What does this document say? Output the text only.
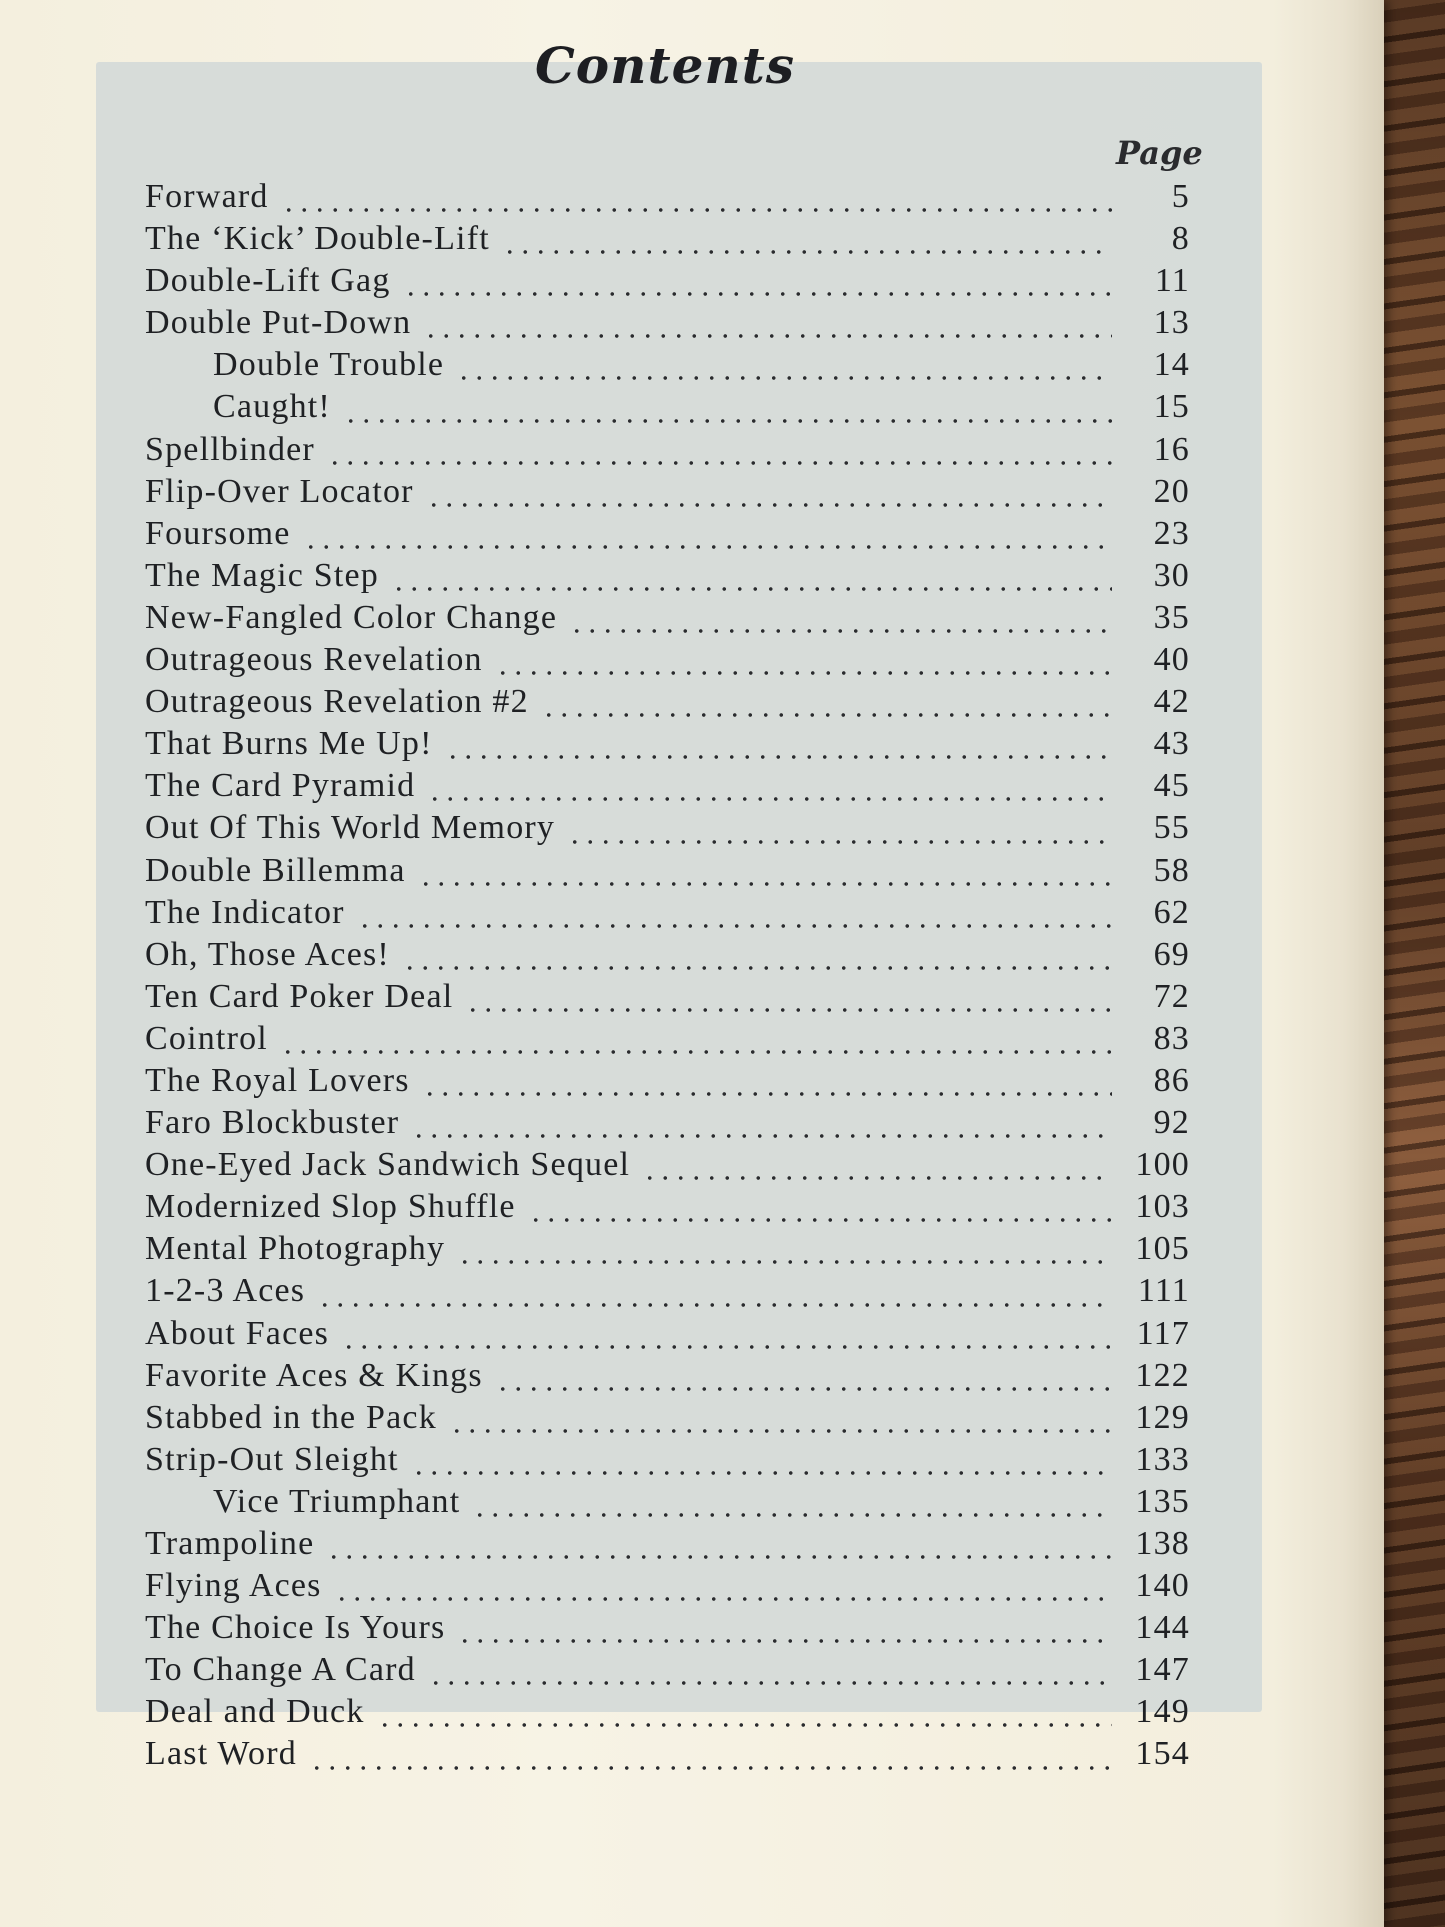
Contents
Page
Forward	5
The ‘Kick’ Double-Lift	8
Double-Lift Gag	11
Double Put-Down	13
Double Trouble	14
Caught!	15
Spellbinder	16
Flip-Over Locator	20
Foursome	23
The Magic Step	30
New-Fangled Color Change	35
Outrageous Revelation	40
Outrageous Revelation #2	42
That Burns Me Up!	43
The Card Pyramid	45
Out Of This World Memory	55
Double Billemma	58
The Indicator	62
Oh, Those Aces!	69
Ten Card Poker Deal	72
Cointrol	83
The Royal Lovers	86
Faro Blockbuster	92
One-Eyed Jack Sandwich Sequel	100
Modernized Slop Shuffle	103
Mental Photography	105
1-2-3 Aces	111
About Faces	117
Favorite Aces & Kings	122
Stabbed in the Pack	129
Strip-Out Sleight	133
Vice Triumphant	135
Trampoline	138
Flying Aces	140
The Choice Is Yours	144
To Change A Card	147
Deal and Duck	149
Last Word	154
